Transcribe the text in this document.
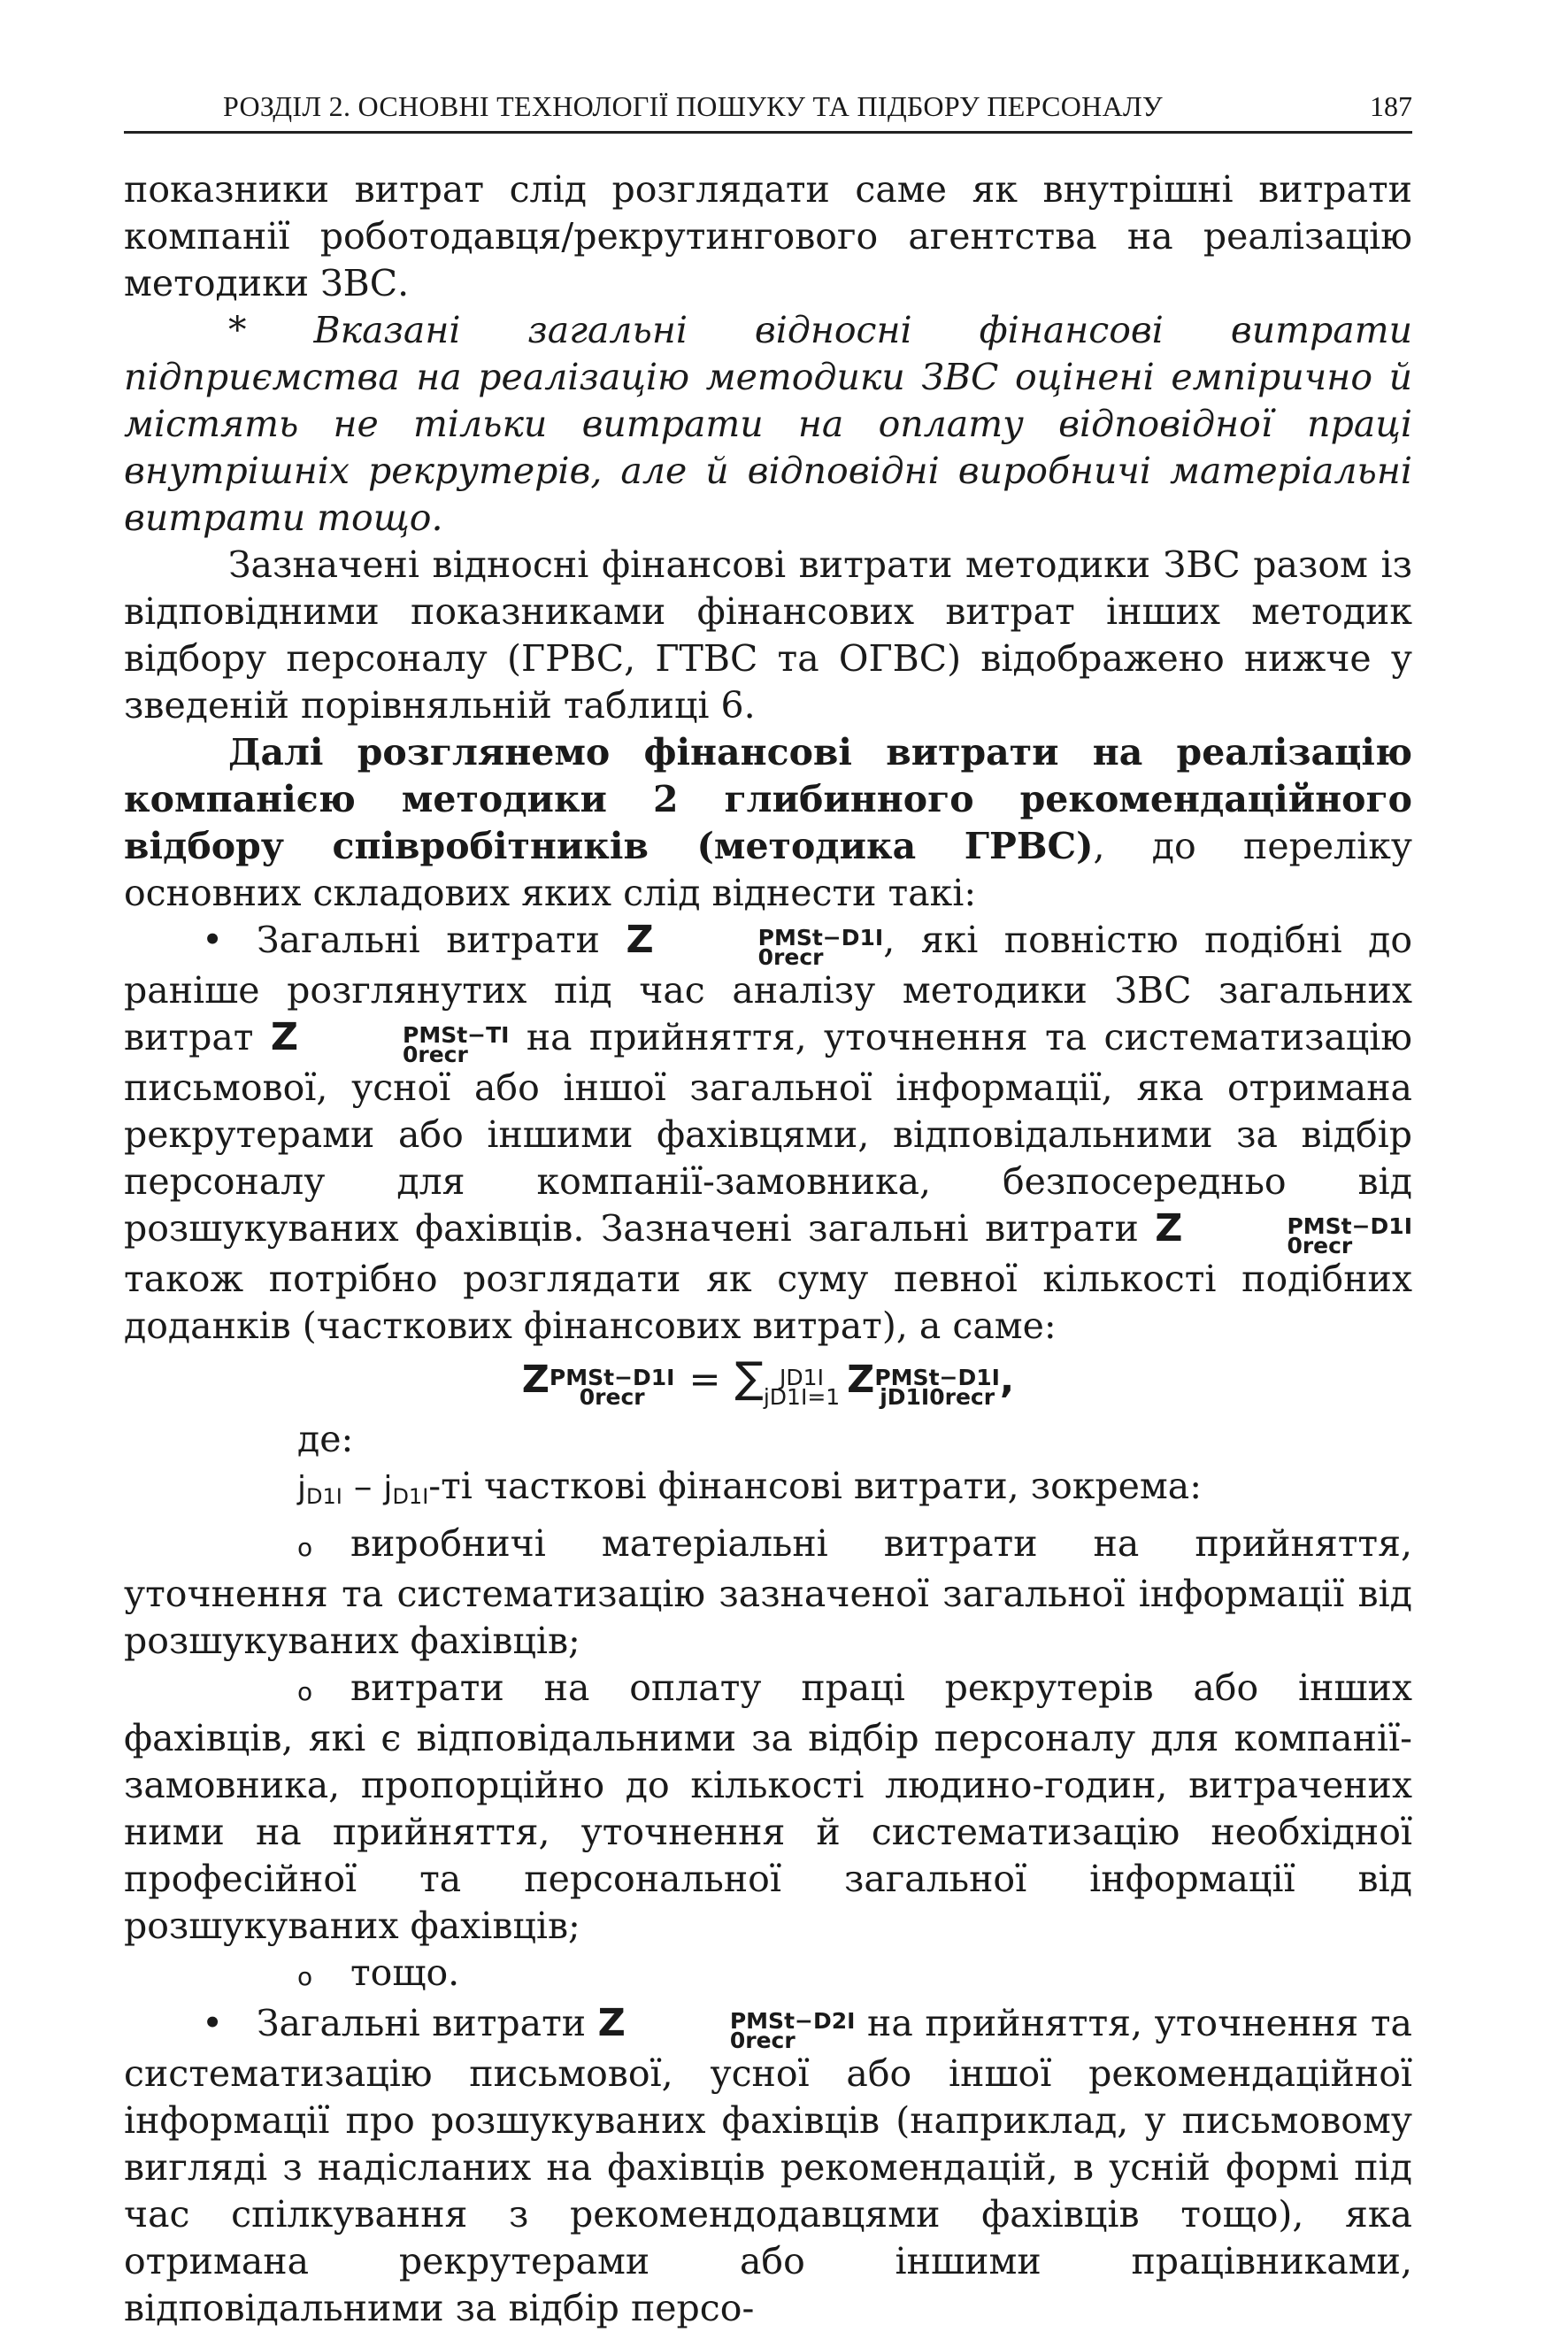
РОЗДІЛ 2. ОСНОВНІ ТЕХНОЛОГІЇ ПОШУКУ ТА ПІДБОРУ ПЕРСОНАЛУ	187

показники витрат слід розглядати саме як внутрішні витрати компанії роботодавця/рекрутингового агентства на реалізацію методики ЗВС.

* Вказані загальні відносні фінансові витрати підприємства на реалізацію методики ЗВС оцінені емпірично й містять не тільки витрати на оплату відповідної праці внутрішніх рекрутерів, але й відповідні виробничі матеріальні витрати тощо.

Зазначені відносні фінансові витрати методики ЗВС разом із відповідними показниками фінансових витрат інших методик відбору персоналу (ГРВС, ГТВС та ОГВС) відображено нижче у зведеній порівняльній таблиці 6.

Далі розглянемо фінансові витрати на реалізацію компанією методики 2 глибинного рекомендаційного відбору співробітників (методика ГРВС), до переліку основних складових яких слід віднести такі:

• Загальні витрати Z	PMSt−D1I
0recr	, які повністю подібні до раніше розглянутих під час аналізу методики ЗВС загальних витрат Z	PMSt−TI
0recr	на прийняття, уточнення та систематизацію письмової, усної або іншої загальної інформації, яка отримана рекрутерами або іншими фахівцями, відповідальними за відбір персоналу для компанії-замовника, безпосередньо від розшукуваних фахівців. Зазначені загальні витрати Z	PMSt−D1I
0recr
також потрібно розглядати як суму певної кількості подібних доданків (часткових фінансових витрат), а саме:

Z PMSt−D1I
0recr	= ∑ JD1I
jD1I=1 Z PMSt−D1I
jD1I0recr ,

де:

jD1I – jD1I-ті часткові фінансові витрати, зокрема:

o виробничі матеріальні витрати на прийняття, уточнення та систематизацію зазначеної загальної інформації від розшукуваних фахівців;

o витрати на оплату праці рекрутерів або інших фахівців, які є відповідальними за відбір персоналу для компанії-замовника, пропорційно до кількості людино-годин, витрачених ними на прийняття, уточнення й систематизацію необхідної професійної та персональної загальної інформації від розшукуваних фахівців;

o тощо.

• Загальні витрати Z	PMSt−D2I
0recr	на прийняття, уточнення та систематизацію письмової, усної або іншої рекомендаційної інформації про розшукуваних фахівців (наприклад, у письмовому вигляді з надісланих на фахівців рекомендацій, в усній формі під час спілкування з рекомендодавцями фахівців тощо), яка отримана рекрутерами або іншими працівниками, відповідальними за відбір персо-
